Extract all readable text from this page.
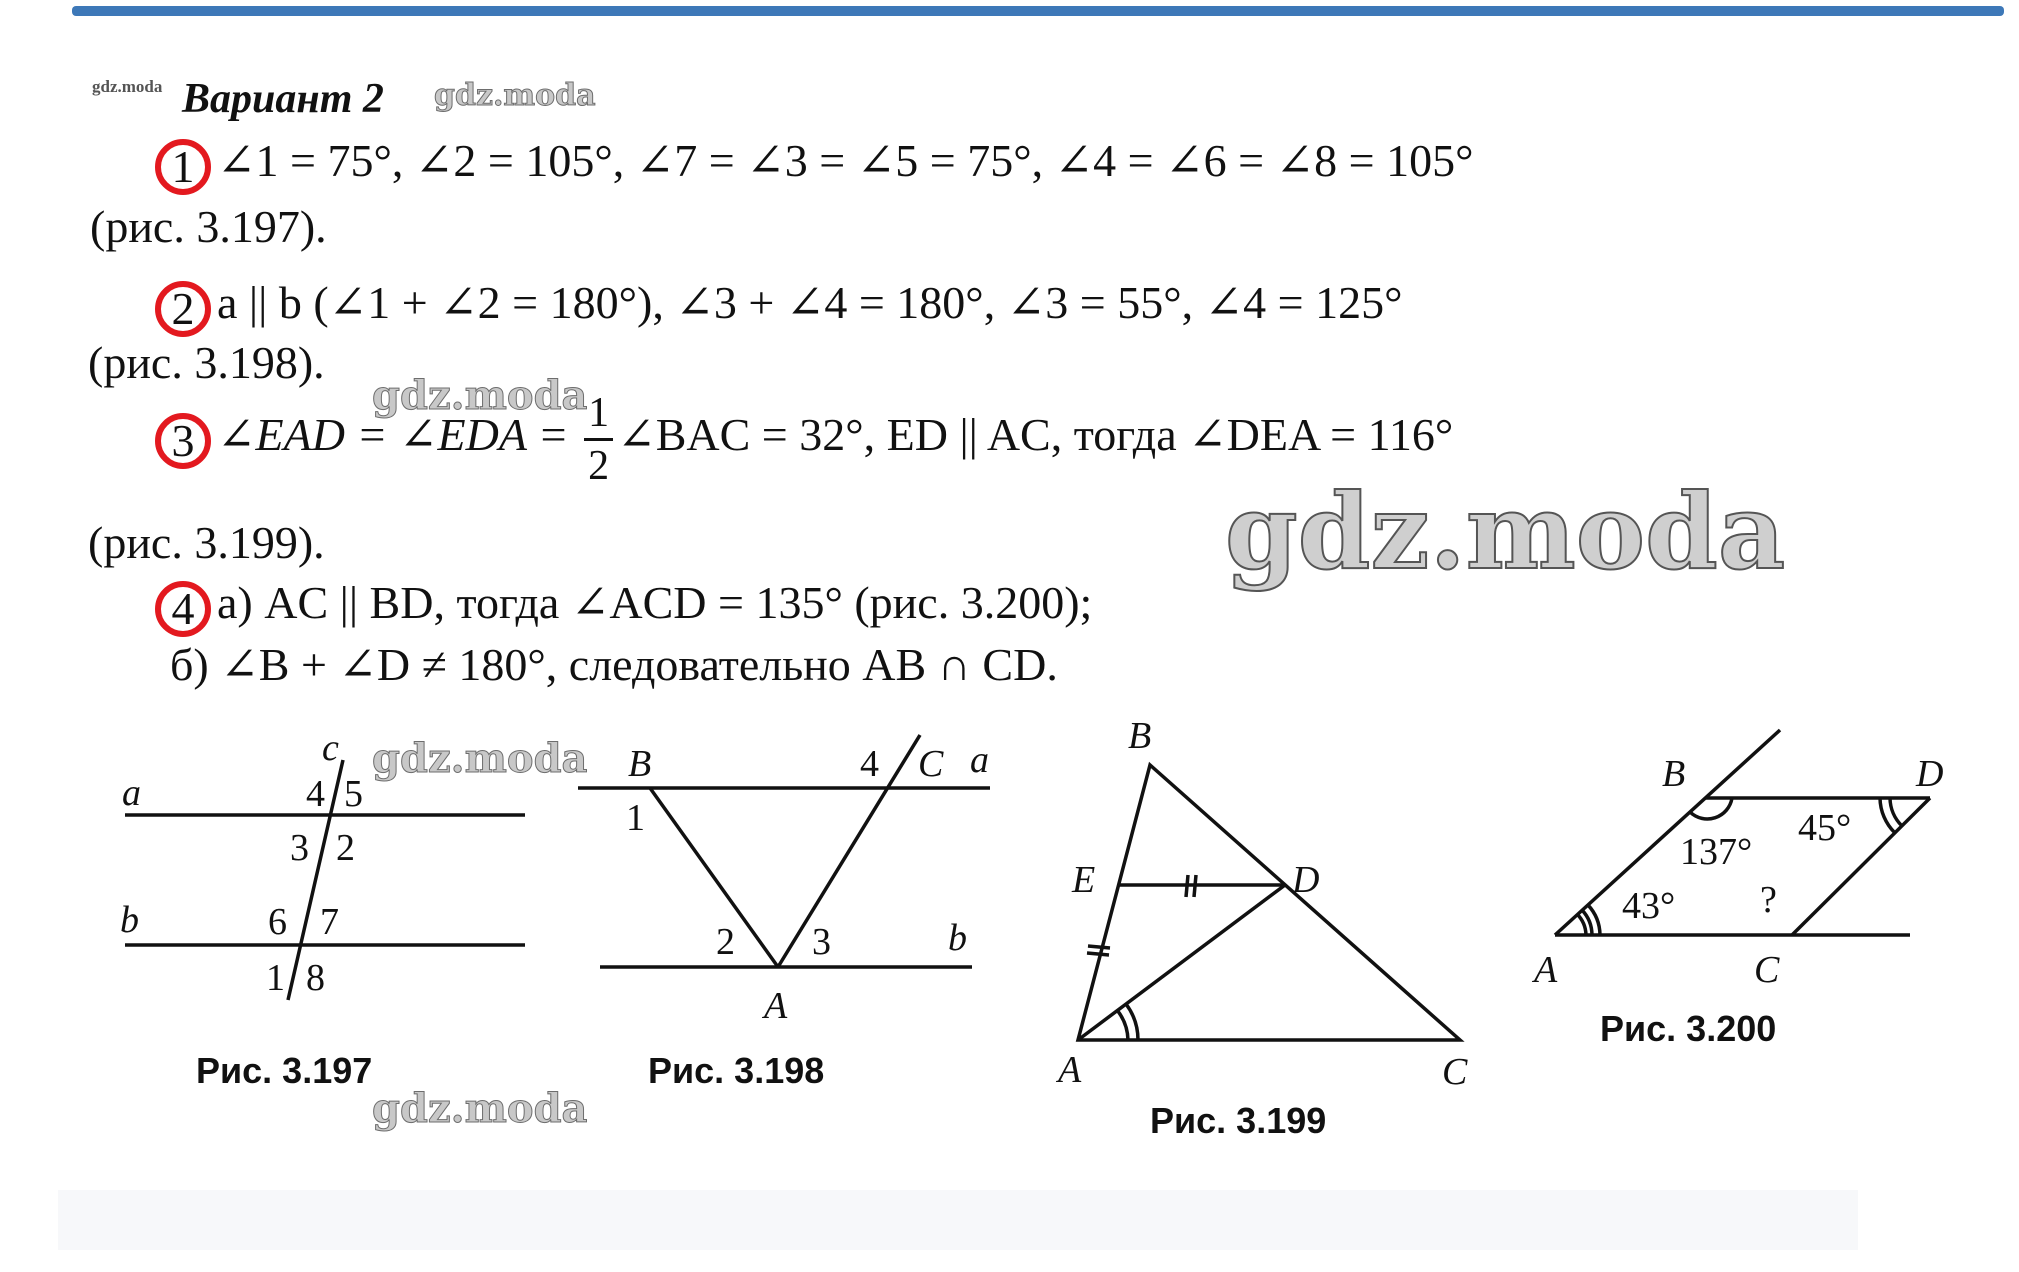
gdz.moda Вариант 2 gdz.moda
1 ∠1 = 75°, ∠2 = 105°, ∠7 = ∠3 = ∠5 = 75°, ∠4 = ∠6 = ∠8 = 105°
(рис. 3.197).
2 a || b (∠1 + ∠2 = 180°), ∠3 + ∠4 = 180°, ∠3 = 55°, ∠4 = 125°
(рис. 3.198).
gdz.moda
3 ∠EAD = ∠EDA = $\frac{1}{2}$ ∠BAC = 32°, ED || AC, тогда ∠DEA = 116°
(рис. 3.199).	gdz.moda
4 а) AC || BD, тогда ∠ACD = 135° (рис. 3.200);
б) ∠B + ∠D ≠ 180°, следовательно AB ∩ CD.
a
b
c
4 5
3 2
6 7
1 8
B	C a
b
A
1
2 3
4
B
E	D
A	C
B	D
A	C
137°
45°
43° ?
gdz.moda
gdz.moda
Рис. 3.197	Рис. 3.198
Рис. 3.199
Рис. 3.200
